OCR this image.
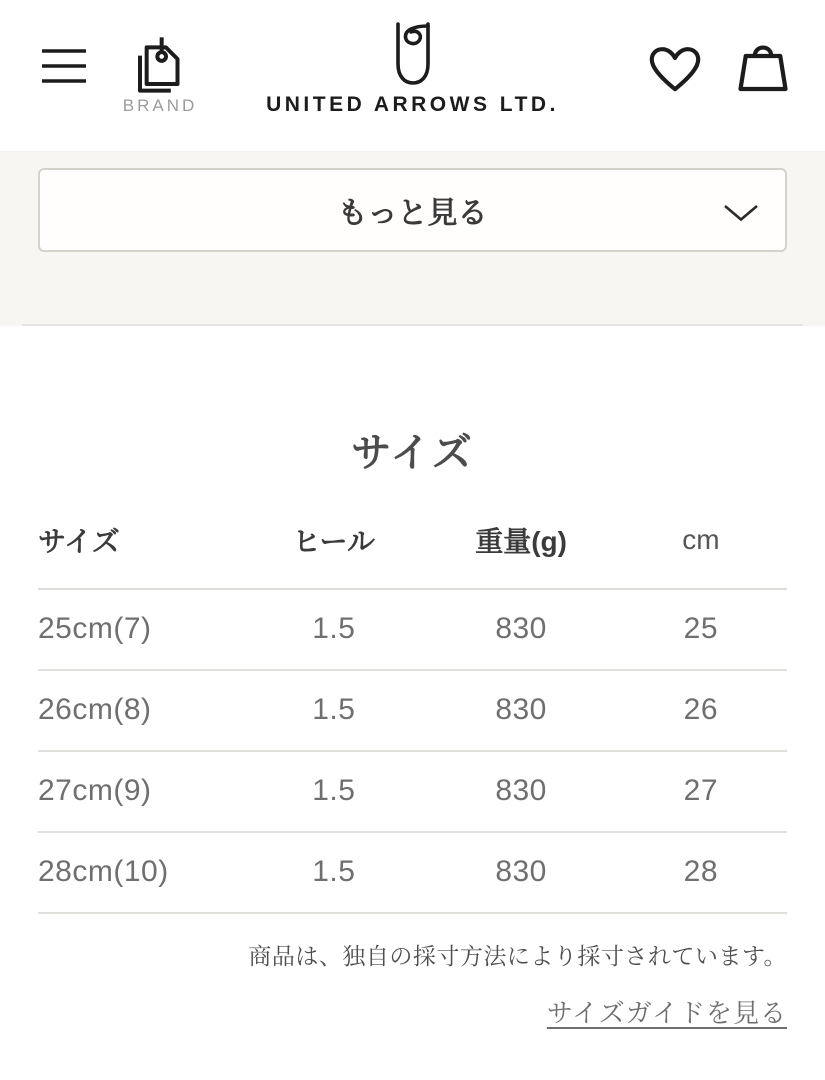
BRAND	UNITED ARROWS LTD.
もっと見る
サイズ
サイズ	ヒール	重量(g)	cm
25cm(7)	1.5	830	25
26cm(8)	1.5	830	26
27cm(9)	1.5	830	27
28cm(10)	1.5	830	28

商品は、独自の採寸方法により採寸されています。

サイズガイドを見る
